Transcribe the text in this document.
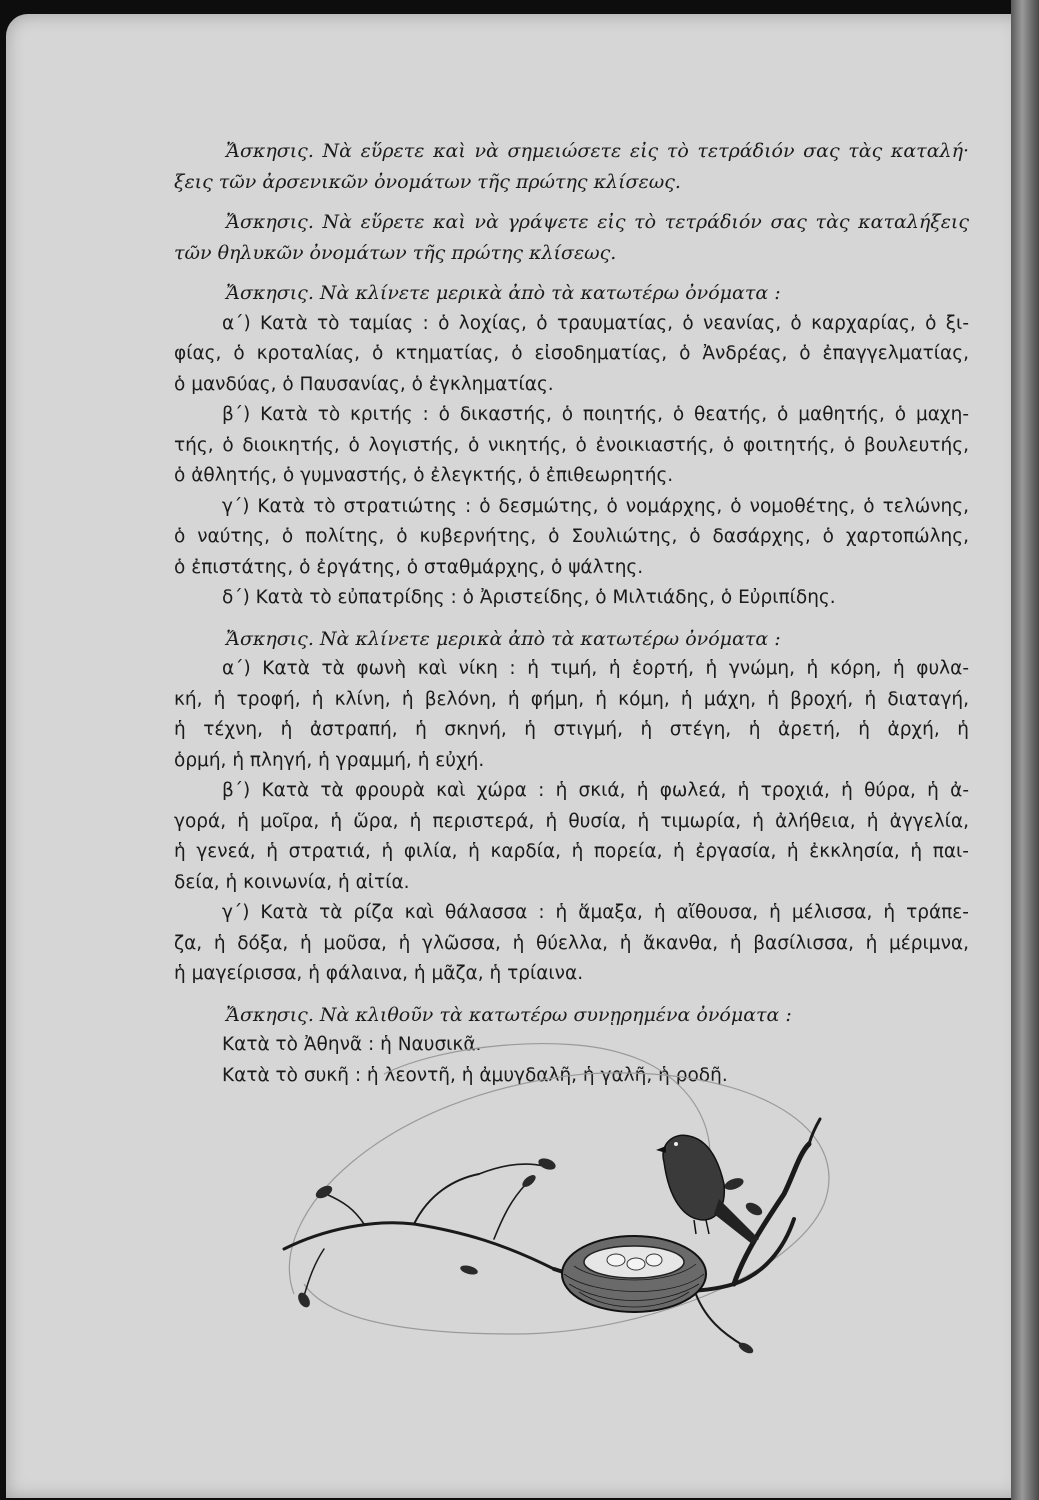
Ἄσκησις. Νὰ εὕρετε καὶ νὰ σημειώσετε εἰς τὸ τετράδιόν σας τὰς καταλή·
ξεις τῶν ἀρσενικῶν ὀνομάτων τῆς πρώτης κλίσεως.
Ἄσκησις. Νὰ εὕρετε καὶ νὰ γράψετε εἰς τὸ τετράδιόν σας τὰς καταλήξεις
τῶν θηλυκῶν ὀνομάτων τῆς πρώτης κλίσεως.
Ἄσκησις. Νὰ κλίνετε μερικὰ ἀπὸ τὰ κατωτέρω ὀνόματα :
α΄) Κατὰ τὸ ταμίας : ὁ λοχίας, ὁ τραυματίας, ὁ νεανίας, ὁ καρχαρίας, ὁ ξι-
φίας, ὁ κροταλίας, ὁ κτηματίας, ὁ εἰσοδηματίας, ὁ Ἀνδρέας, ὁ ἐπαγγελματίας,
ὁ μανδύας, ὁ Παυσανίας, ὁ ἐγκληματίας.
β΄) Κατὰ τὸ κριτής : ὁ δικαστής, ὁ ποιητής, ὁ θεατής, ὁ μαθητής, ὁ μαχη-
τής, ὁ διοικητής, ὁ λογιστής, ὁ νικητής, ὁ ἐνοικιαστής, ὁ φοιτητής, ὁ βουλευτής,
ὁ ἀθλητής, ὁ γυμναστής, ὁ ἐλεγκτής, ὁ ἐπιθεωρητής.
γ΄) Κατὰ τὸ στρατιώτης : ὁ δεσμώτης, ὁ νομάρχης, ὁ νομοθέτης, ὁ τελώνης,
ὁ ναύτης, ὁ πολίτης, ὁ κυβερνήτης, ὁ Σουλιώτης, ὁ δασάρχης, ὁ χαρτοπώλης,
ὁ ἐπιστάτης, ὁ ἐργάτης, ὁ σταθμάρχης, ὁ ψάλτης.
δ΄) Κατὰ τὸ εὐπατρίδης : ὁ Ἀριστείδης, ὁ Μιλτιάδης, ὁ Εὐριπίδης.
Ἄσκησις. Νὰ κλίνετε μερικὰ ἀπὸ τὰ κατωτέρω ὀνόματα :
α΄) Κατὰ τὰ φωνὴ καὶ νίκη : ἡ τιμή, ἡ ἑορτή, ἡ γνώμη, ἡ κόρη, ἡ φυλα-
κή, ἡ τροφή, ἡ κλίνη, ἡ βελόνη, ἡ φήμη, ἡ κόμη, ἡ μάχη, ἡ βροχή, ἡ διαταγή,
ἡ τέχνη, ἡ ἀστραπή, ἡ σκηνή, ἡ στιγμή, ἡ στέγη, ἡ ἀρετή, ἡ ἀρχή, ἡ
ὁρμή, ἡ πληγή, ἡ γραμμή, ἡ εὐχή.
β΄) Κατὰ τὰ φρουρὰ καὶ χώρα : ἡ σκιά, ἡ φωλεά, ἡ τροχιά, ἡ θύρα, ἡ ἀ-
γορά, ἡ μοῖρα, ἡ ὥρα, ἡ περιστερά, ἡ θυσία, ἡ τιμωρία, ἡ ἀλήθεια, ἡ ἀγγελία,
ἡ γενεά, ἡ στρατιά, ἡ φιλία, ἡ καρδία, ἡ πορεία, ἡ ἐργασία, ἡ ἐκκλησία, ἡ παι-
δεία, ἡ κοινωνία, ἡ αἰτία.
γ΄) Κατὰ τὰ ρίζα καὶ θάλασσα : ἡ ἅμαξα, ἡ αἴθουσα, ἡ μέλισσα, ἡ τράπε-
ζα, ἡ δόξα, ἡ μοῦσα, ἡ γλῶσσα, ἡ θύελλα, ἡ ἄκανθα, ἡ βασίλισσα, ἡ μέριμνα,
ἡ μαγείρισσα, ἡ φάλαινα, ἡ μᾶζα, ἡ τρίαινα.
Ἄσκησις. Νὰ κλιθοῦν τὰ κατωτέρω συνῃρημένα ὀνόματα :
Κατὰ τὸ Ἀθηνᾶ : ἡ Ναυσικᾶ.
Κατὰ τὸ συκῆ : ἡ λεοντῆ, ἡ ἀμυγδαλῆ, ἡ γαλῆ, ἡ ροδῆ.
